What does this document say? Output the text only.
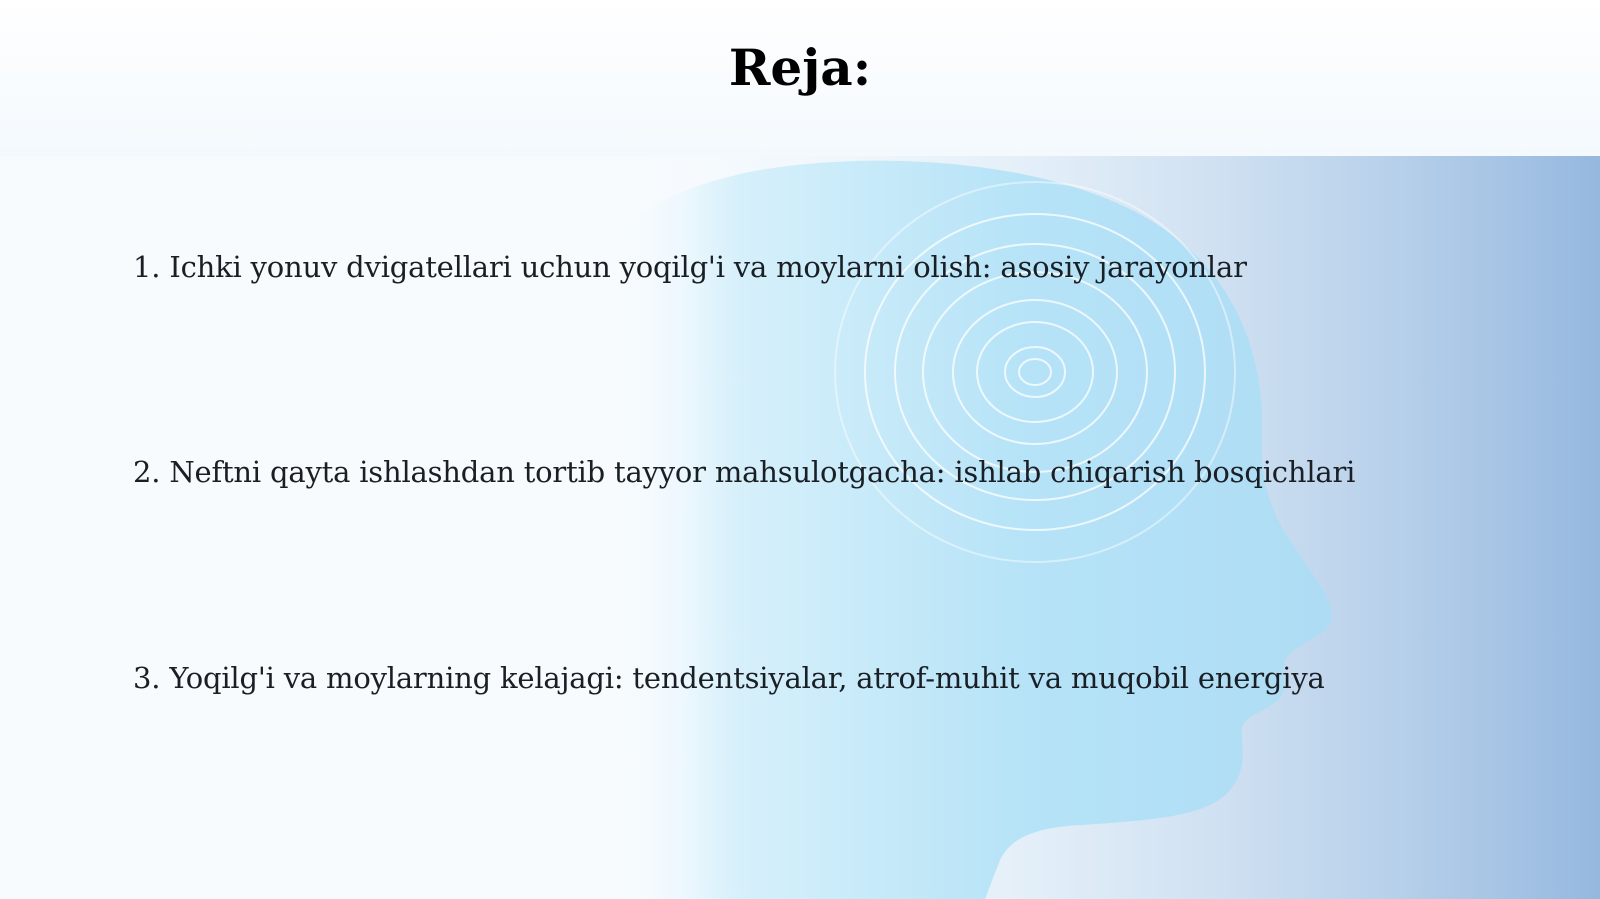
Reja:
1. Ichki yonuv dvigatellari uchun yoqilg'i va moylarni olish: asosiy jarayonlar
2. Neftni qayta ishlashdan tortib tayyor mahsulotgacha: ishlab chiqarish bosqichlari
3. Yoqilg'i va moylarning kelajagi: tendentsiyalar, atrof-muhit va muqobil energiya
